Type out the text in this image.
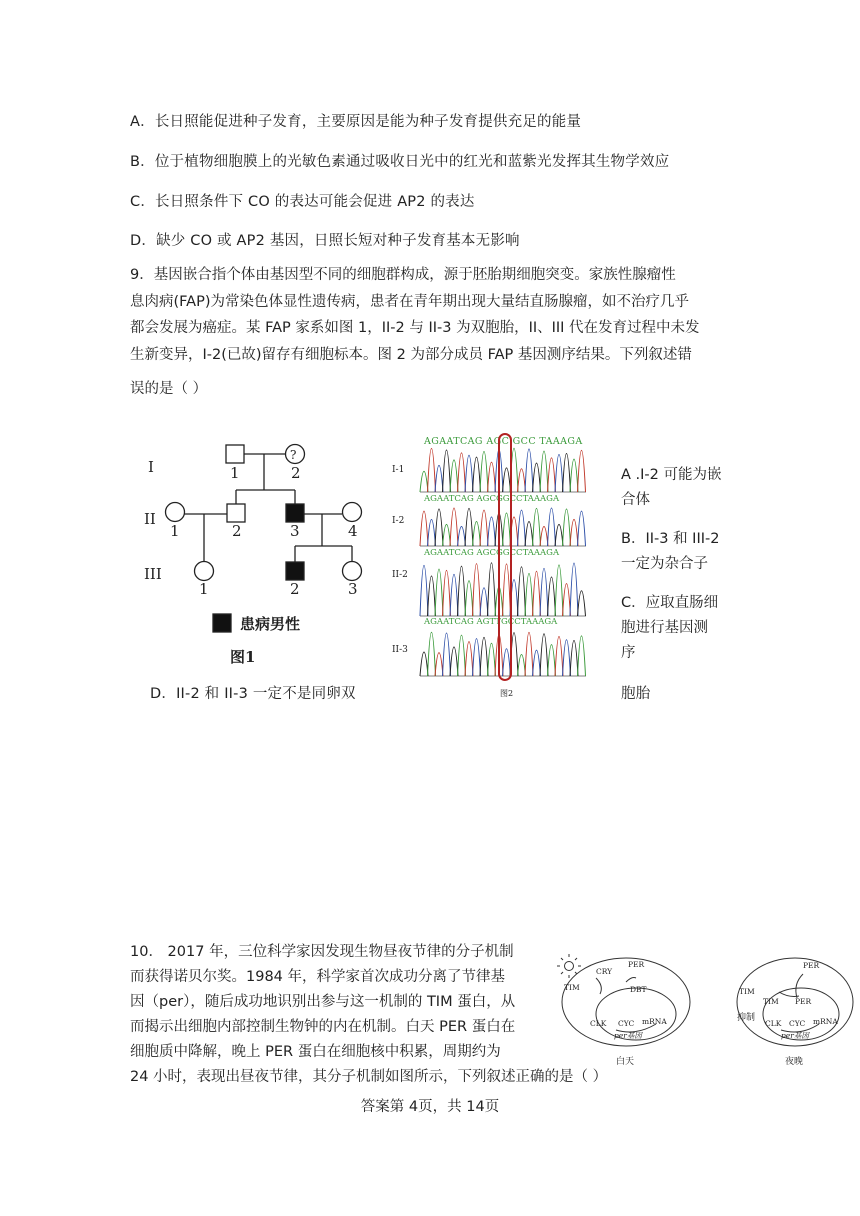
A．长日照能促进种子发育，主要原因是能为种子发育提供充足的能量
B．位于植物细胞膜上的光敏色素通过吸收日光中的红光和蓝紫光发挥其生物学效应
C．长日照条件下 CO 的表达可能会促进 AP2 的表达
D．缺少 CO 或 AP2 基因，日照长短对种子发育基本无影响
9．基因嵌合指个体由基因型不同的细胞群构成，源于胚胎期细胞突变。家族性腺瘤性
息肉病(FAP)为常染色体显性遗传病，患者在青年期出现大量结直肠腺瘤，如不治疗几乎
都会发展为癌症。某 FAP 家系如图 1，II-2 与 II-3 为双胞胎，II、III 代在发育过程中未发
生新变异，I-2(已故)留存有细胞标本。图 2 为部分成员 FAP 基因测序结果。下列叙述错
误的是（ ）
I
II
III
?
1	2
1	2	3	4
1	2	3
患病男性
图1
AGAATCAG AGC GCC TAAAGA
I-1
I-2
II-2
II-3
AGAATCAG AGCGGCCTAAAGA
AGAATCAG AGCGGCCTAAAGA
AGAATCAG AGTTGCCTAAAGA
图2
A .I-2 可能为嵌
合体
B．II-3 和 III-2
一定为杂合子
C．应取直肠细
胞进行基因测
序
D．II-2 和 II-3 一定不是同卵双	胞胎
10． 2017 年，三位科学家因发现生物昼夜节律的分子机制
而获得诺贝尔奖。1984 年，科学家首次成功分离了节律基
因（per），随后成功地识别出参与这一机制的 TIM 蛋白，从
而揭示出细胞内部控制生物钟的内在机制。白天 PER 蛋白在
细胞质中降解，晚上 PER 蛋白在细胞核中积累，周期约为
24 小时，表现出昼夜节律，其分子机制如图所示，下列叙述正确的是（ ）
CRY
PER
TIM	DBT
CLK CYC mRNA
per基因
白天
PER
TIM
TIM PER
抑制
CLK CYC mRNA
per基因
夜晚
答案第 4页，共 14页
